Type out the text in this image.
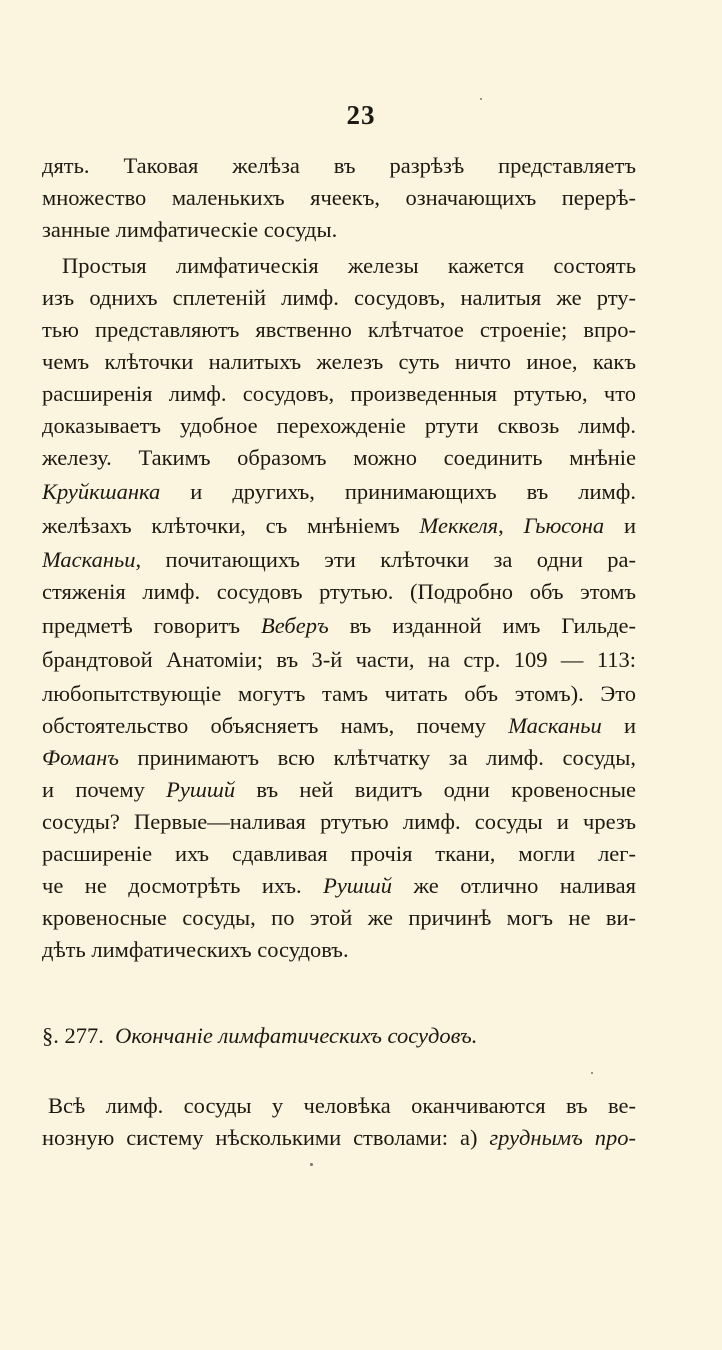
23
дять. Таковая желѣза въ разрѣзѣ представляетъ
множество маленькихъ ячеекъ, означающихъ перерѣ-
занные лимфатическiе сосуды.
Простыя лимфатическiя железы кажется состоять
изъ однихъ сплетенiй лимф. сосудовъ, налитыя же рту-
тью представляютъ явственно клѣтчатое строенiе; впро-
чемъ клѣточки налитыхъ железъ суть ничто иное, какъ
расширенiя лимф. сосудовъ, произведенныя ртутью, что
доказываетъ удобное перехожденiе ртути сквозь лимф.
железу. Такимъ образомъ можно соединить мнѣнiе
Круйкшанка и другихъ, принимающихъ въ лимф.
желѣзахъ клѣточки, съ мнѣнiемъ Меккеля, Гьюсона и
Масканьи, почитающихъ эти клѣточки за одни ра-
стяженiя лимф. сосудовъ ртутью. (Подробно объ этомъ
предметѣ говоритъ Веберъ въ изданной имъ Гильде-
брандтовой Анатомiи; въ 3-й части, на стр. 109 — 113:
любопытствующiе могутъ тамъ читать объ этомъ). Это
обстоятельство объясняетъ намъ, почему Масканьи и
Фоманъ принимаютъ всю клѣтчатку за лимф. сосуды,
и почему Рушшй въ ней видитъ одни кровеносные
сосуды? Первые—наливая ртутью лимф. сосуды и чрезъ
расширенiе ихъ сдавливая прочiя ткани, могли лег-
че не досмотрѣть ихъ. Рушшй же отлично наливая
кровеносные сосуды, по этой же причинѣ могъ не ви-
дѣть лимфатическихъ сосудовъ.
§. 277. Окончанiе лимфатическихъ сосудовъ.
Всѣ лимф. сосуды у человѣка оканчиваются въ ве-
нозную систему нѣсколькими стволами: а) груднымъ про-
